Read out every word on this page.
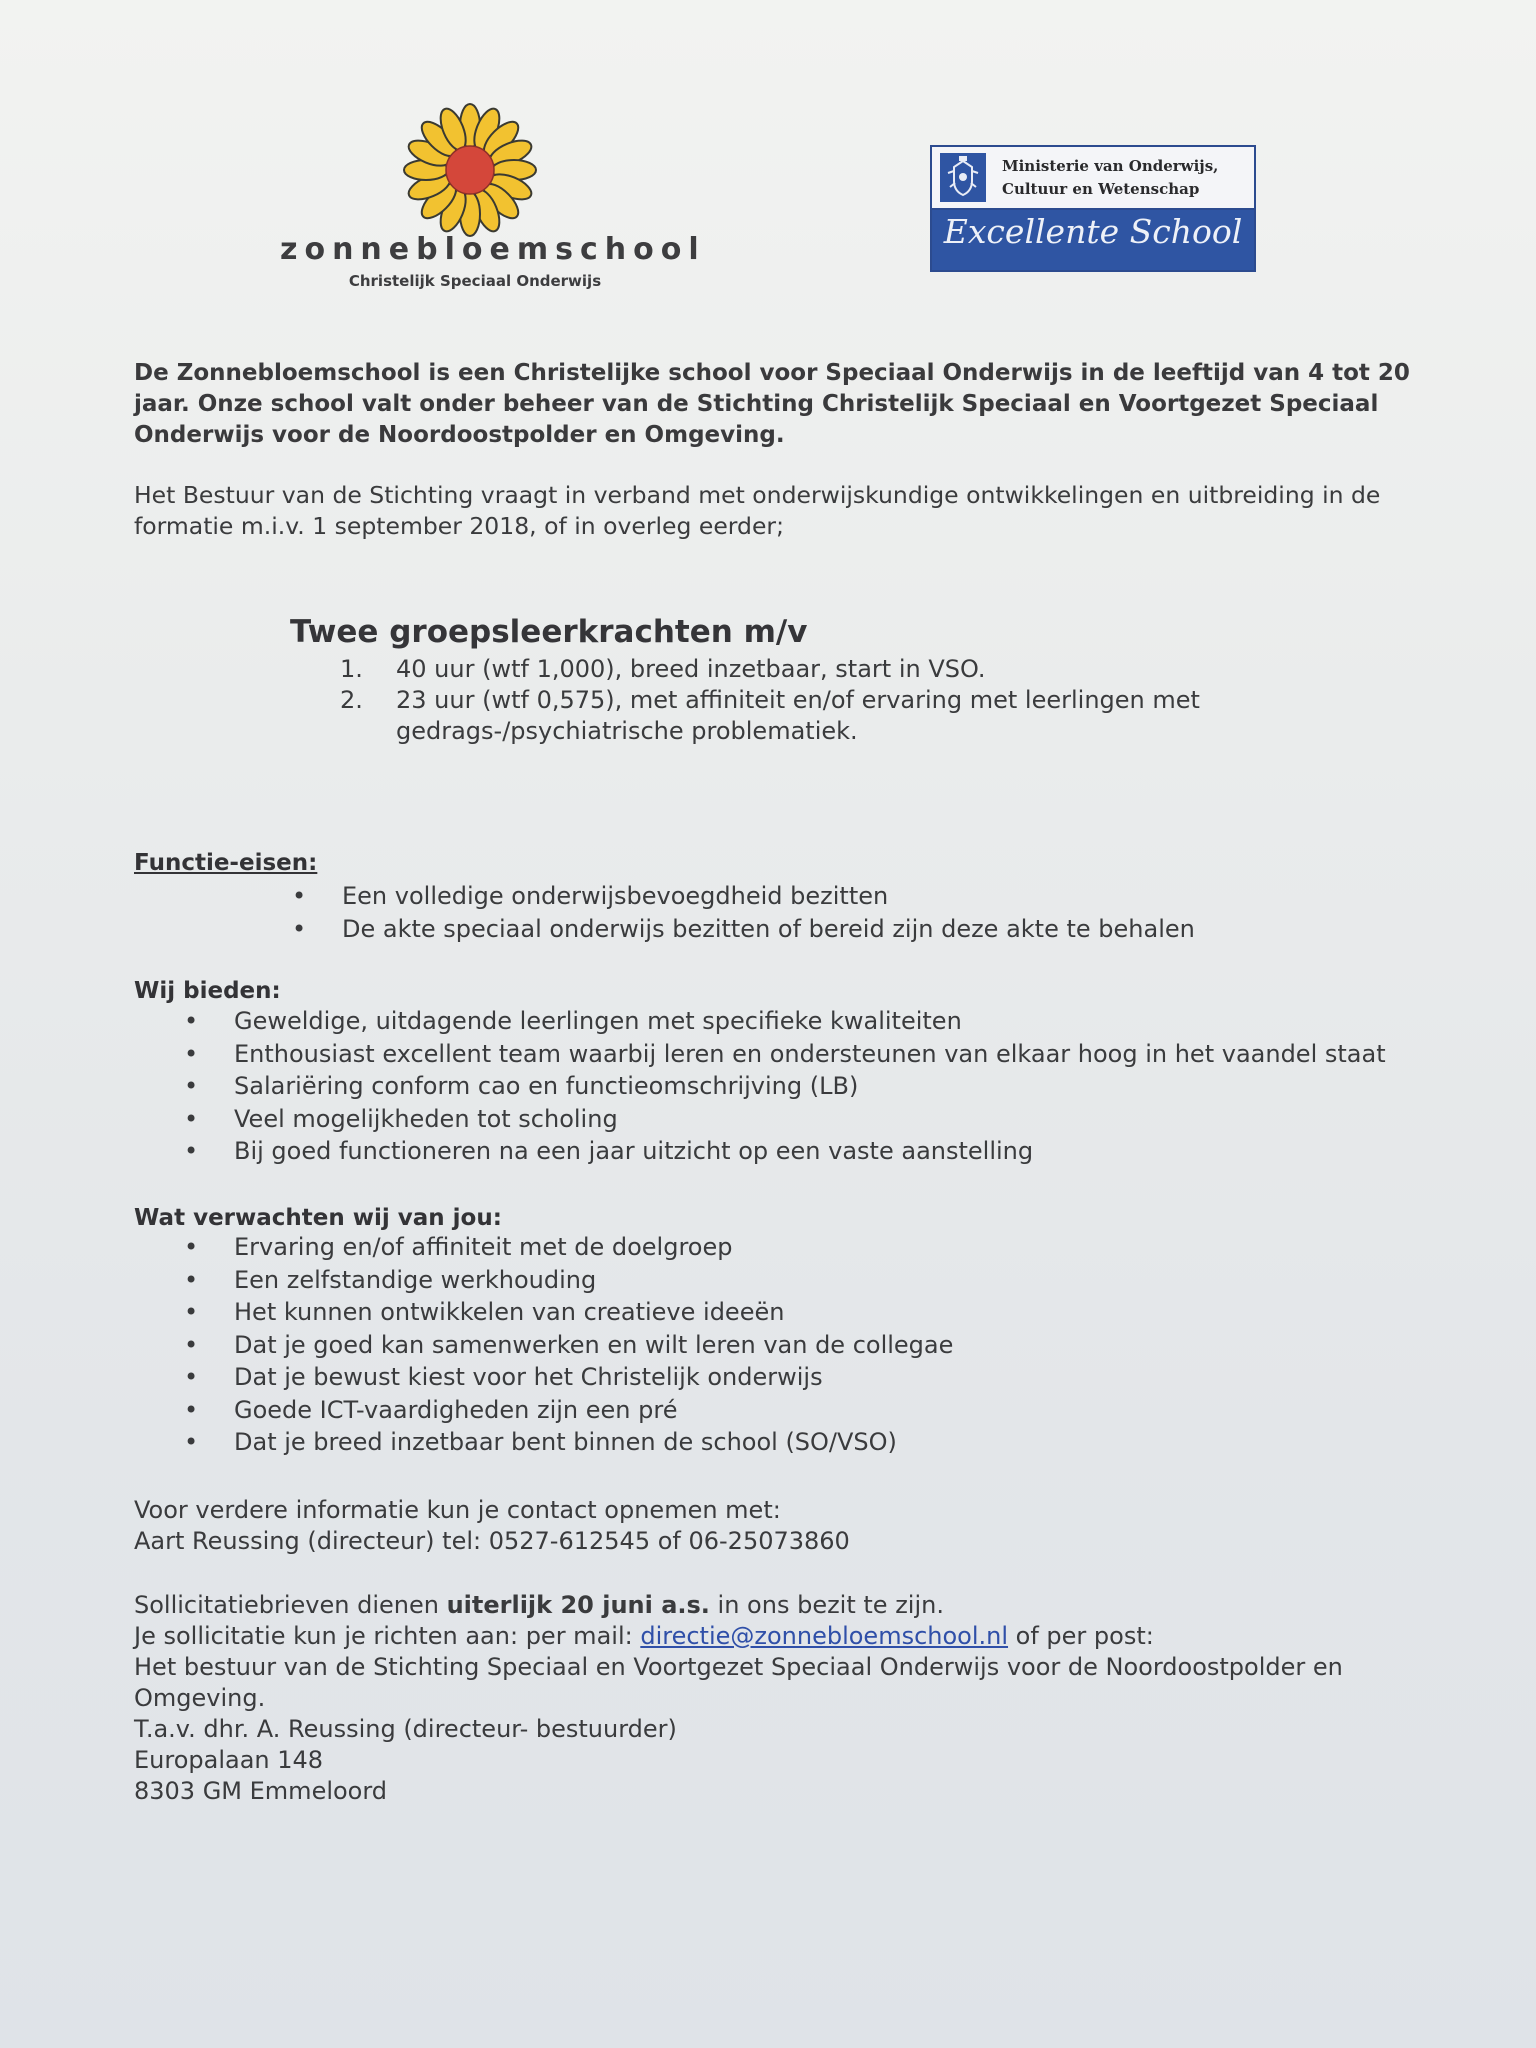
zonnebloemschool
Christelijk Speciaal Onderwijs
Ministerie van Onderwijs, Cultuur en Wetenschap
Excellente School
De Zonnebloemschool is een Christelijke school voor Speciaal Onderwijs in de leeftijd van 4 tot 20 jaar. Onze school valt onder beheer van de Stichting Christelijk Speciaal en Voortgezet Speciaal Onderwijs voor de Noordoostpolder en Omgeving.
Het Bestuur van de Stichting vraagt in verband met onderwijskundige ontwikkelingen en uitbreiding in de formatie m.i.v. 1 september 2018, of in overleg eerder;
Twee groepsleerkrachten m/v
1.	40 uur (wtf 1,000), breed inzetbaar, start in VSO.
2.	23 uur (wtf 0,575), met affiniteit en/of ervaring met leerlingen met gedrags-/psychiatrische problematiek.
Functie-eisen:
•	Een volledige onderwijsbevoegdheid bezitten
•	De akte speciaal onderwijs bezitten of bereid zijn deze akte te behalen
Wij bieden:
•	Geweldige, uitdagende leerlingen met specifieke kwaliteiten
•	Enthousiast excellent team waarbij leren en ondersteunen van elkaar hoog in het vaandel staat
•	Salariëring conform cao en functieomschrijving (LB)
•	Veel mogelijkheden tot scholing
•	Bij goed functioneren na een jaar uitzicht op een vaste aanstelling
Wat verwachten wij van jou:
•	Ervaring en/of affiniteit met de doelgroep
•	Een zelfstandige werkhouding
•	Het kunnen ontwikkelen van creatieve ideeën
•	Dat je goed kan samenwerken en wilt leren van de collegae
•	Dat je bewust kiest voor het Christelijk onderwijs
•	Goede ICT-vaardigheden zijn een pré
•	Dat je breed inzetbaar bent binnen de school (SO/VSO)
Voor verdere informatie kun je contact opnemen met:
Aart Reussing (directeur) tel: 0527-612545 of 06-25073860
Sollicitatiebrieven dienen uiterlijk 20 juni a.s. in ons bezit te zijn.
Je sollicitatie kun je richten aan: per mail: directie@zonnebloemschool.nl of per post:
Het bestuur van de Stichting Speciaal en Voortgezet Speciaal Onderwijs voor de Noordoostpolder en Omgeving.
T.a.v. dhr. A. Reussing (directeur- bestuurder)
Europalaan 148
8303 GM Emmeloord
